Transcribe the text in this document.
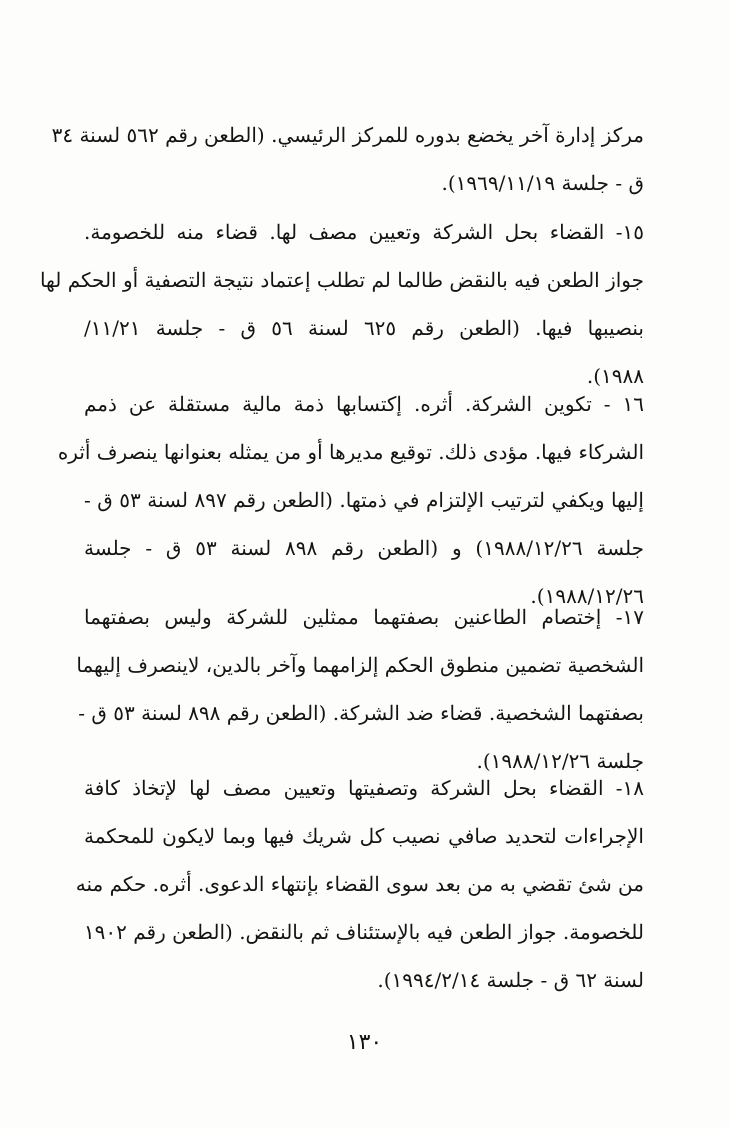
مركز إدارة آخر يخضع بدوره للمركز الرئيسي. (الطعن رقم ٥٦٢ لسنة ٣٤
ق - جلسة ١٩٦٩/١١/١٩).
١٥- القضاء بحل الشركة وتعيين مصف لها. قضاء منه للخصومة.
جواز الطعن فيه بالنقض طالما لم تطلب إعتماد نتيجة التصفية أو الحكم لها
بنصيبها فيها. (الطعن رقم ٦٢٥ لسنة ٥٦ ق - جلسة ١١/٢١/
١٩٨٨).
١٦ - تكوين الشركة. أثره. إكتسابها ذمة مالية مستقلة عن ذمم
الشركاء فيها. مؤدى ذلك. توقيع مديرها أو من يمثله بعنوانها ينصرف أثره
إليها ويكفي لترتيب الإلتزام في ذمتها. (الطعن رقم ٨٩٧ لسنة ٥٣ ق -
جلسة ١٩٨٨/١٢/٢٦) و (الطعن رقم ٨٩٨ لسنة ٥٣ ق - جلسة
١٩٨٨/١٢/٢٦).
١٧- إختصام الطاعنين بصفتهما ممثلين للشركة وليس بصفتهما
الشخصية تضمين منطوق الحكم إلزامهما وآخر بالدين، لاينصرف إليهما
بصفتهما الشخصية. قضاء ضد الشركة. (الطعن رقم ٨٩٨ لسنة ٥٣ ق -
جلسة ١٩٨٨/١٢/٢٦).
١٨- القضاء بحل الشركة وتصفيتها وتعيين مصف لها لإتخاذ كافة
الإجراءات لتحديد صافي نصيب كل شريك فيها وبما لايكون للمحكمة
من شئ تقضي به من بعد سوى القضاء بإنتهاء الدعوى. أثره. حكم منه
للخصومة. جواز الطعن فيه بالإستئناف ثم بالنقض. (الطعن رقم ١٩٠٢
لسنة ٦٢ ق - جلسة ١٩٩٤/٢/١٤).
١٣٠
